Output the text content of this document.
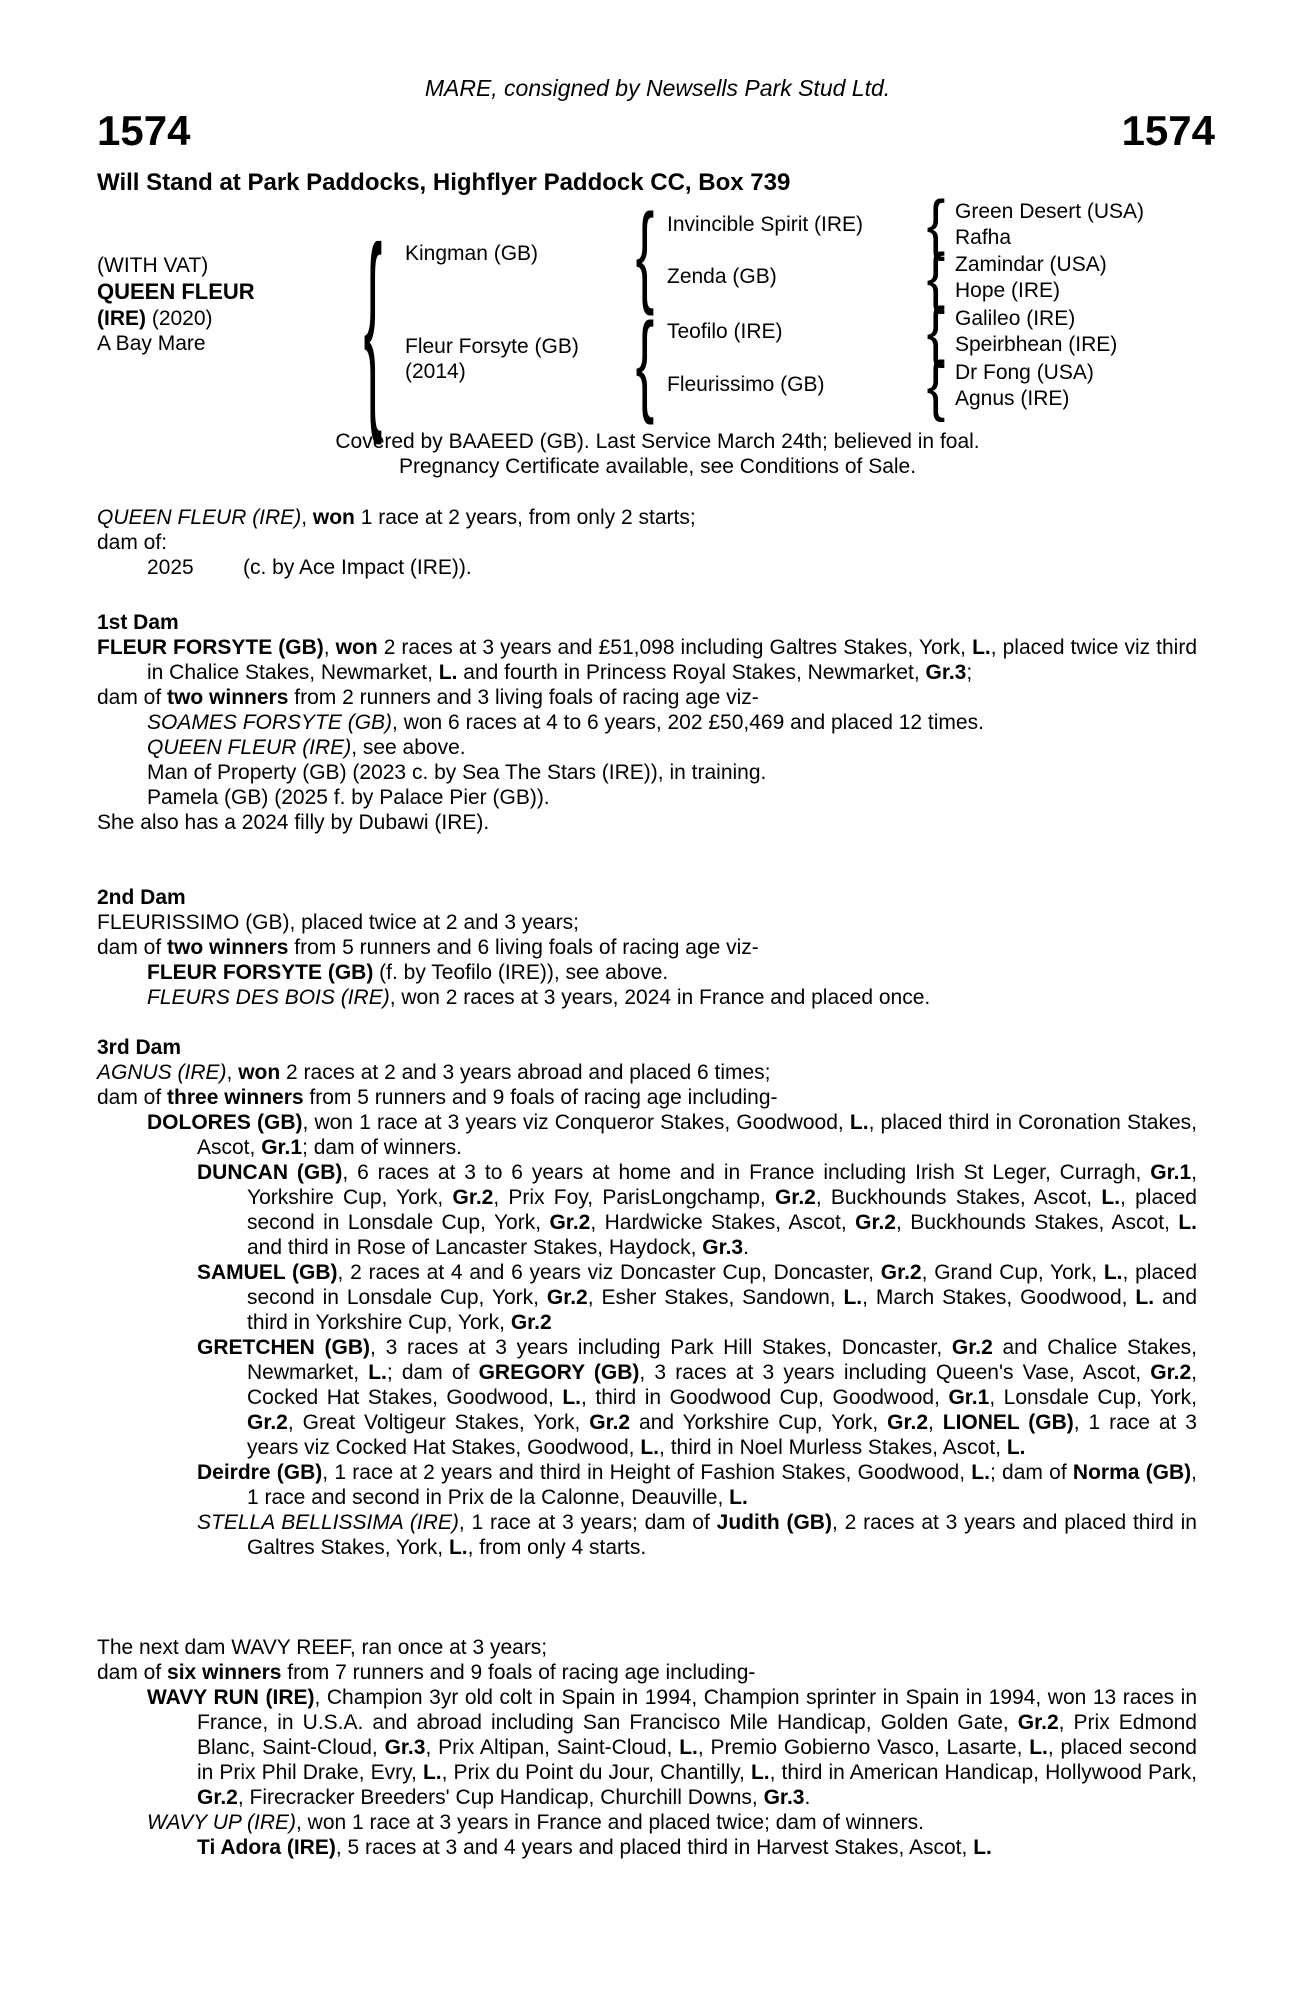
MARE, consigned by Newsells Park Stud Ltd.
1574	1574
Will Stand at Park Paddocks, Highflyer Paddock CC, Box 739
(WITH VAT)
QUEEN FLEUR
(IRE) (2020)
A Bay Mare
{
Kingman (GB)
Fleur Forsyte (GB)
(2014)
{
{
Invincible Spirit (IRE)
Zenda (GB)
Teofilo (IRE)
Fleurissimo (GB)
{
{
{
{
Green Desert (USA)
Rafha
Zamindar (USA)
Hope (IRE)
Galileo (IRE)
Speirbhean (IRE)
Dr Fong (USA)
Agnus (IRE)

Covered by BAAEED (GB). Last Service March 24th; believed in foal.

Pregnancy Certificate available, see Conditions of Sale.

QUEEN FLEUR (IRE), won 1 race at 2 years, from only 2 starts;

dam of:

2025 (c. by Ace Impact (IRE)).

1st Dam

FLEUR FORSYTE (GB), won 2 races at 3 years and £51,098 including Galtres Stakes, York, L., placed twice viz third in Chalice Stakes, Newmarket, L. and fourth in Princess Royal Stakes, Newmarket, Gr.3;

dam of two winners from 2 runners and 3 living foals of racing age viz-

SOAMES FORSYTE (GB), won 6 races at 4 to 6 years, 202 £50,469 and placed 12 times.

QUEEN FLEUR (IRE), see above.

Man of Property (GB) (2023 c. by Sea The Stars (IRE)), in training.

Pamela (GB) (2025 f. by Palace Pier (GB)).

She also has a 2024 filly by Dubawi (IRE).

2nd Dam

FLEURISSIMO (GB), placed twice at 2 and 3 years;

dam of two winners from 5 runners and 6 living foals of racing age viz-

FLEUR FORSYTE (GB) (f. by Teofilo (IRE)), see above.

FLEURS DES BOIS (IRE), won 2 races at 3 years, 2024 in France and placed once.

3rd Dam

AGNUS (IRE), won 2 races at 2 and 3 years abroad and placed 6 times;

dam of three winners from 5 runners and 9 foals of racing age including-

DOLORES (GB), won 1 race at 3 years viz Conqueror Stakes, Goodwood, L., placed third in Coronation Stakes, Ascot, Gr.1; dam of winners.

DUNCAN (GB), 6 races at 3 to 6 years at home and in France including Irish St Leger, Curragh, Gr.1, Yorkshire Cup, York, Gr.2, Prix Foy, ParisLongchamp, Gr.2, Buckhounds Stakes, Ascot, L., placed second in Lonsdale Cup, York, Gr.2, Hardwicke Stakes, Ascot, Gr.2, Buckhounds Stakes, Ascot, L. and third in Rose of Lancaster Stakes, Haydock, Gr.3.

SAMUEL (GB), 2 races at 4 and 6 years viz Doncaster Cup, Doncaster, Gr.2, Grand Cup, York, L., placed second in Lonsdale Cup, York, Gr.2, Esher Stakes, Sandown, L., March Stakes, Goodwood, L. and third in Yorkshire Cup, York, Gr.2

GRETCHEN (GB), 3 races at 3 years including Park Hill Stakes, Doncaster, Gr.2 and Chalice Stakes, Newmarket, L.; dam of GREGORY (GB), 3 races at 3 years including Queen's Vase, Ascot, Gr.2, Cocked Hat Stakes, Goodwood, L., third in Goodwood Cup, Goodwood, Gr.1, Lonsdale Cup, York, Gr.2, Great Voltigeur Stakes, York, Gr.2 and Yorkshire Cup, York, Gr.2, LIONEL (GB), 1 race at 3 years viz Cocked Hat Stakes, Goodwood, L., third in Noel Murless Stakes, Ascot, L.

Deirdre (GB), 1 race at 2 years and third in Height of Fashion Stakes, Goodwood, L.; dam of Norma (GB), 1 race and second in Prix de la Calonne, Deauville, L.

STELLA BELLISSIMA (IRE), 1 race at 3 years; dam of Judith (GB), 2 races at 3 years and placed third in Galtres Stakes, York, L., from only 4 starts.

The next dam WAVY REEF, ran once at 3 years;

dam of six winners from 7 runners and 9 foals of racing age including-

WAVY RUN (IRE), Champion 3yr old colt in Spain in 1994, Champion sprinter in Spain in 1994, won 13 races in France, in U.S.A. and abroad including San Francisco Mile Handicap, Golden Gate, Gr.2, Prix Edmond Blanc, Saint-Cloud, Gr.3, Prix Altipan, Saint-Cloud, L., Premio Gobierno Vasco, Lasarte, L., placed second in Prix Phil Drake, Evry, L., Prix du Point du Jour, Chantilly, L., third in American Handicap, Hollywood Park, Gr.2, Firecracker Breeders' Cup Handicap, Churchill Downs, Gr.3.

WAVY UP (IRE), won 1 race at 3 years in France and placed twice; dam of winners.

Ti Adora (IRE), 5 races at 3 and 4 years and placed third in Harvest Stakes, Ascot, L.
